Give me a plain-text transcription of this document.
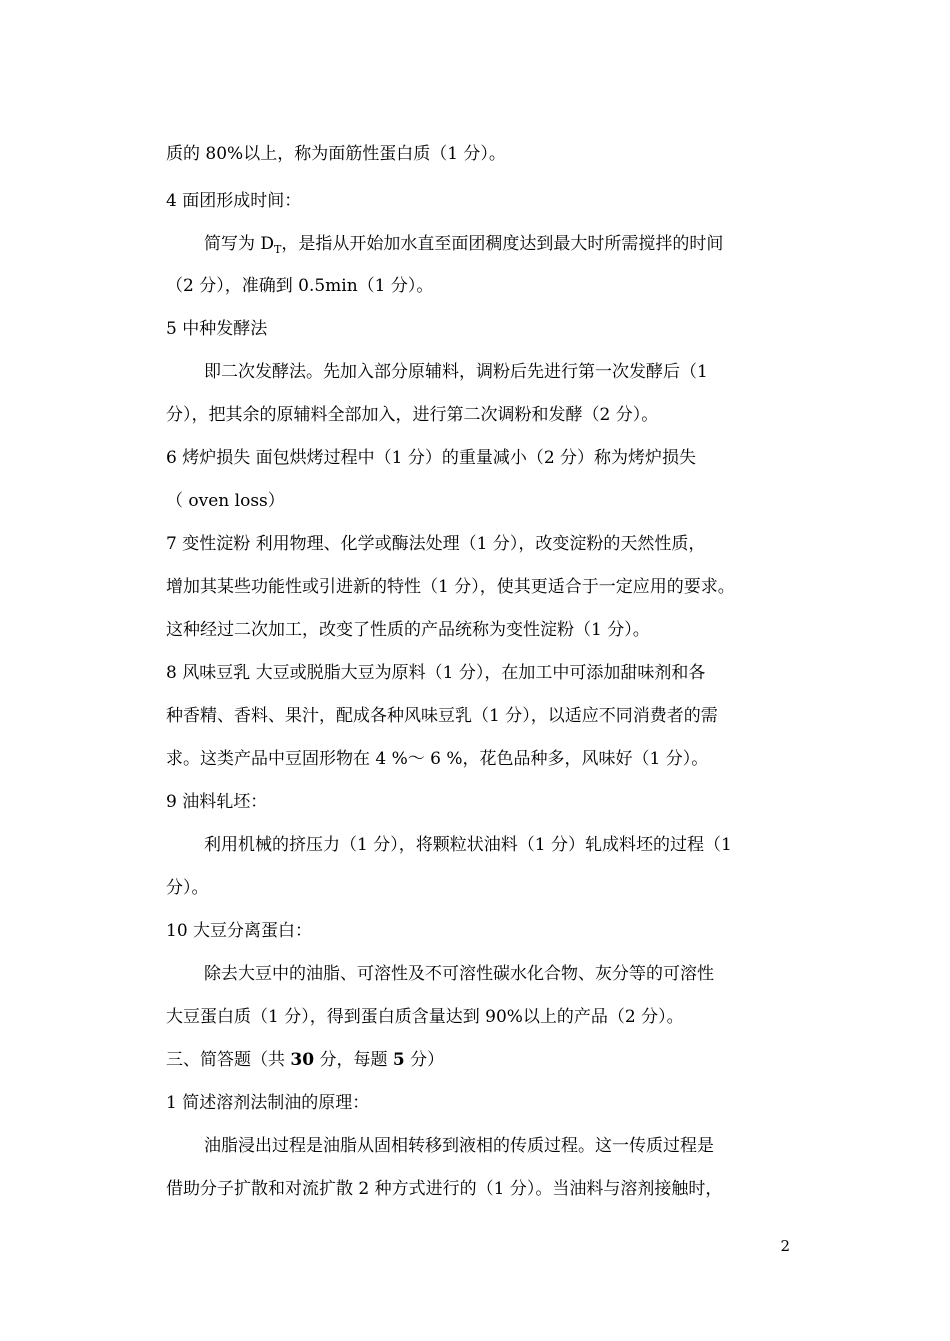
质的 80%以上，称为面筋性蛋白质（1 分）。
4 面团形成时间：
简写为 $D_T$，是指从开始加水直至面团稠度达到最大时所需搅拌的时间
（2 分），准确到 0.5min（1 分）。
5 中种发酵法
即二次发酵法。先加入部分原辅料，调粉后先进行第一次发酵后（1
分），把其余的原辅料全部加入，进行第二次调粉和发酵（2 分）。
6 烤炉损失 面包烘烤过程中（1 分）的重量减小（2 分）称为烤炉损失
（ oven loss）
7 变性淀粉 利用物理、化学或酶法处理（1 分），改变淀粉的天然性质，
增加其某些功能性或引进新的特性（1 分），使其更适合于一定应用的要求。
这种经过二次加工，改变了性质的产品统称为变性淀粉（1 分）。
8 风味豆乳 大豆或脱脂大豆为原料（1 分），在加工中可添加甜味剂和各
种香精、香料、果汁，配成各种风味豆乳（1 分），以适应不同消费者的需
求。这类产品中豆固形物在 4 %～ 6 %，花色品种多，风味好（1 分）。
9 油料轧坯：
利用机械的挤压力（1 分），将颗粒状油料（1 分）轧成料坯的过程（1
分）。
10 大豆分离蛋白：
除去大豆中的油脂、可溶性及不可溶性碳水化合物、灰分等的可溶性
大豆蛋白质（1 分），得到蛋白质含量达到 90%以上的产品（2 分）。
三、简答题（共 30 分，每题 5 分）
1 简述溶剂法制油的原理：
油脂浸出过程是油脂从固相转移到液相的传质过程。这一传质过程是
借助分子扩散和对流扩散 2 种方式进行的（1 分）。当油料与溶剂接触时，
2
